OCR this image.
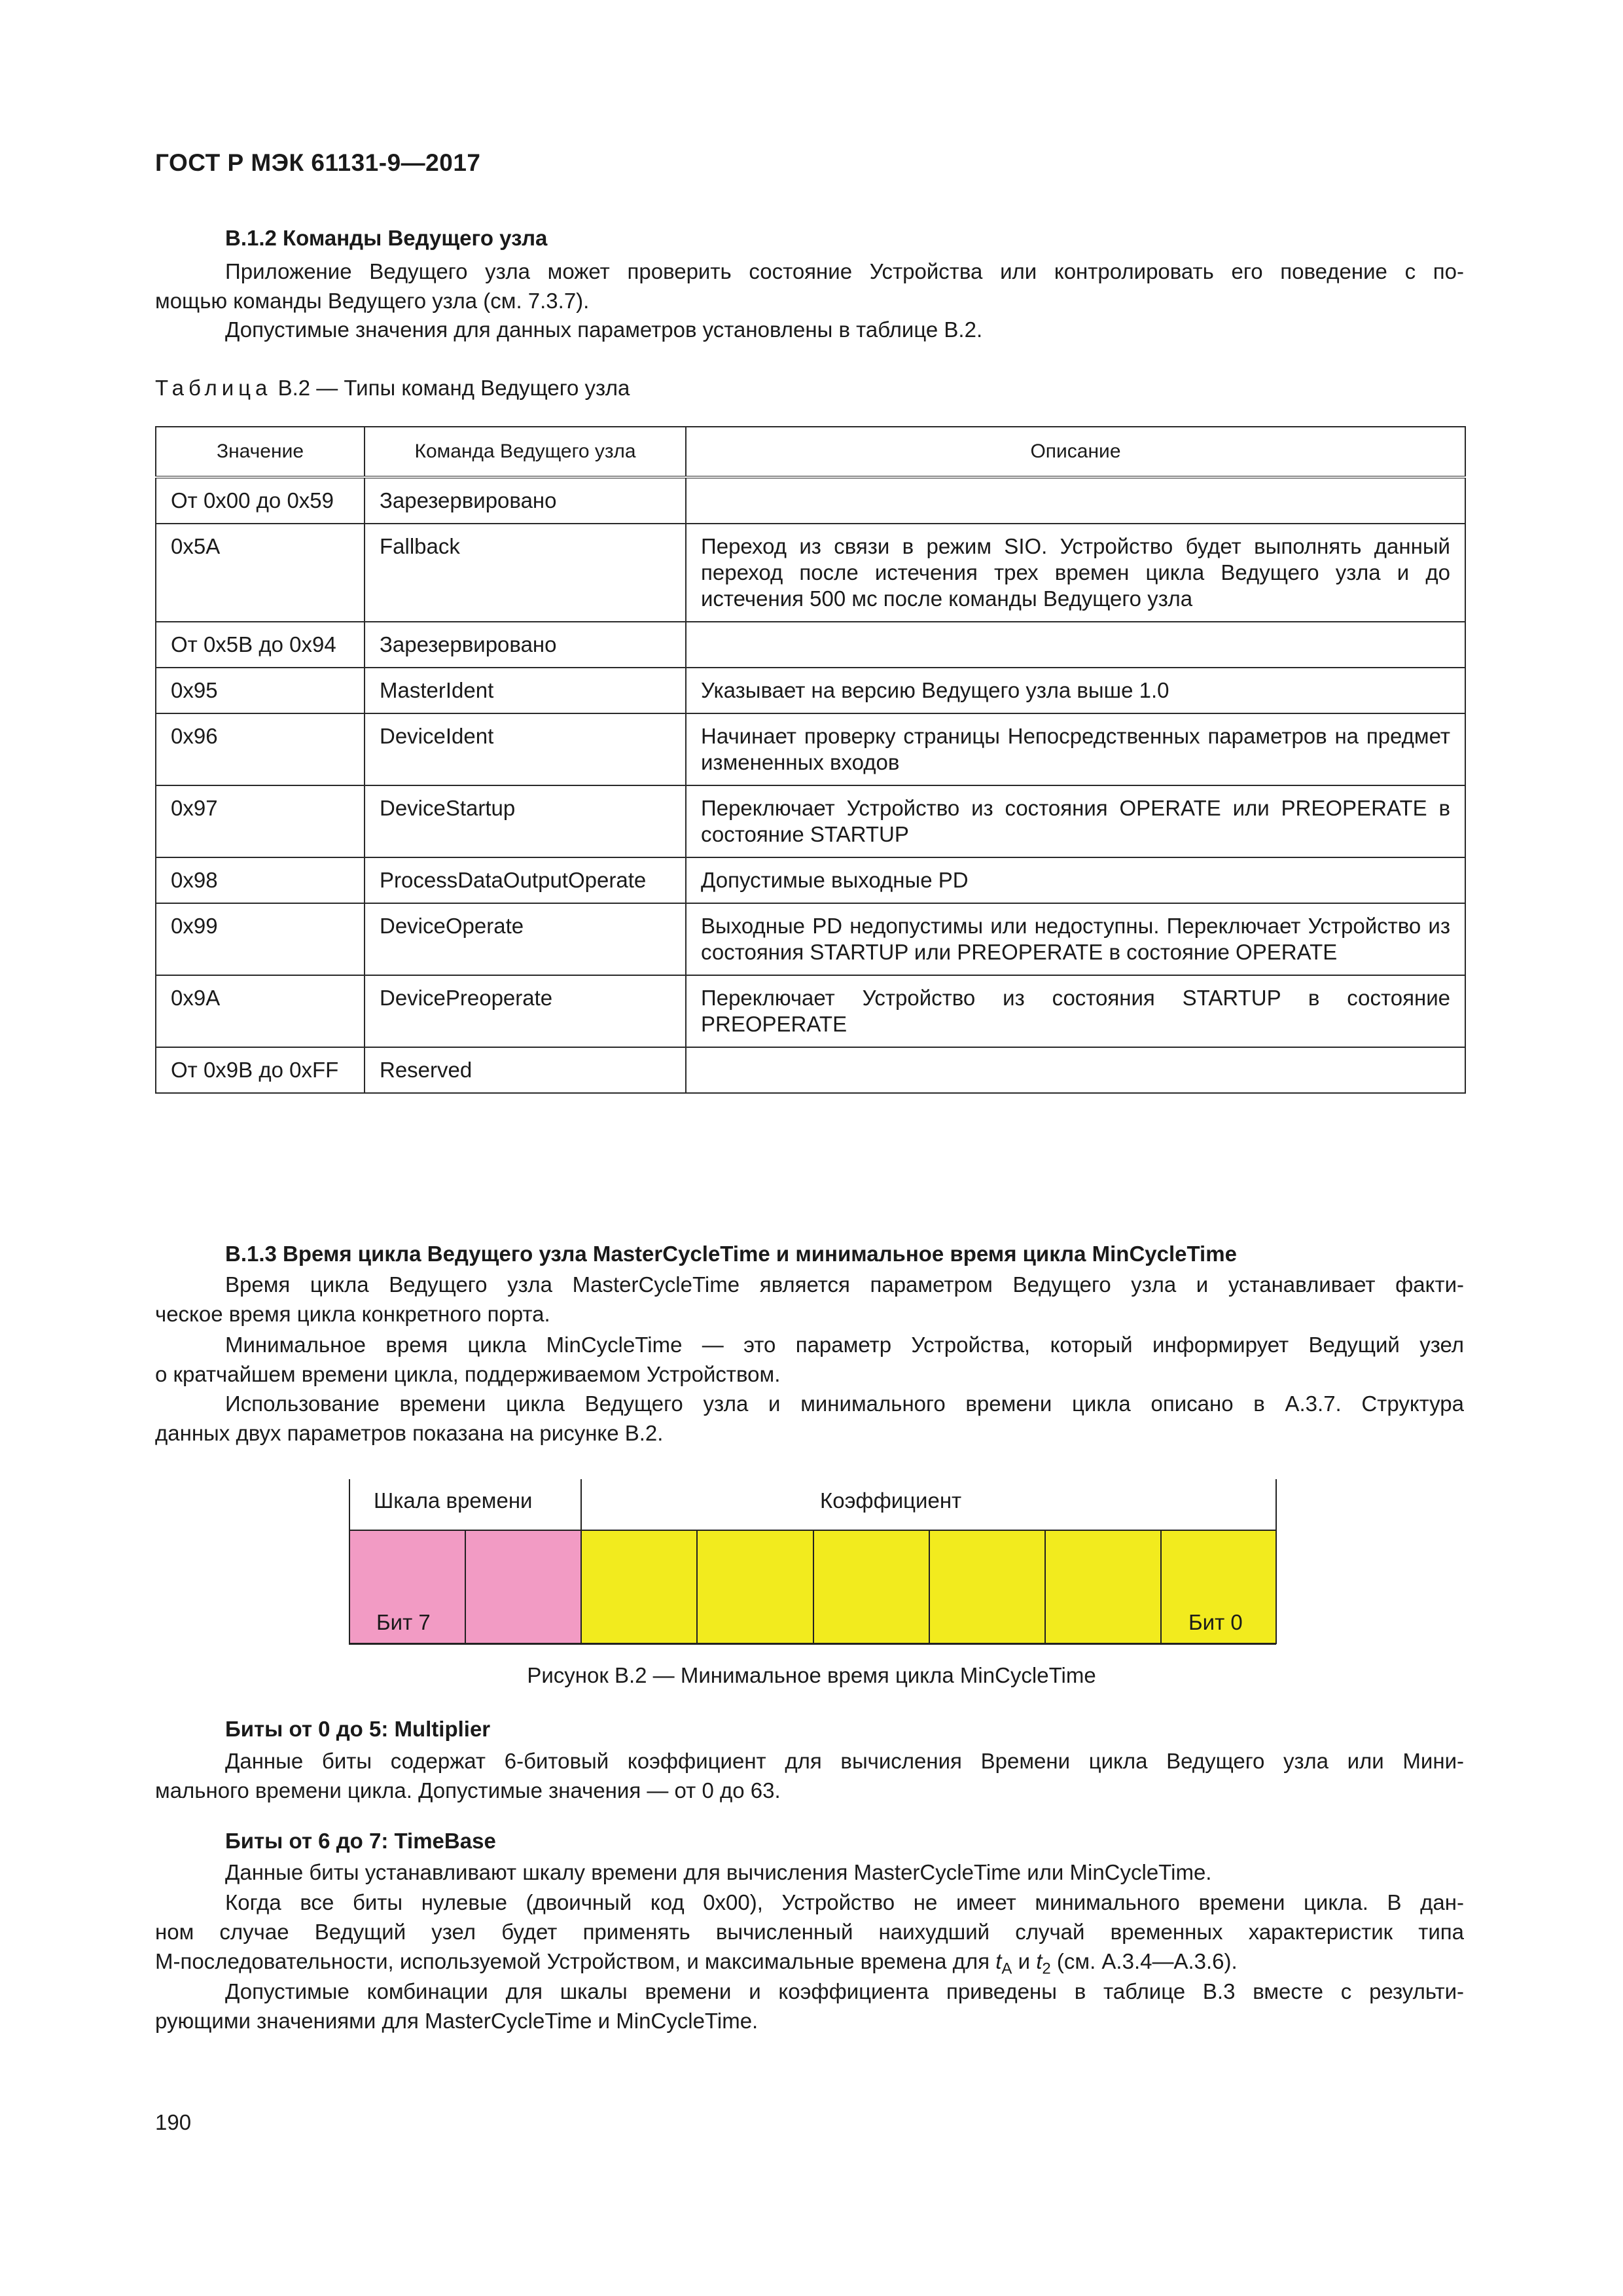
ГОСТ Р МЭК 61131-9—2017
B.1.2 Команды Ведущего узла
Приложение Ведущего узла может проверить состояние Устройства или контролировать его поведение с по-
мощью команды Ведущего узла (см. 7.3.7).
Допустимые значения для данных параметров установлены в таблице B.2.
Таблица B.2 — Типы команд Ведущего узла
Значение	Команда Ведущего узла	Описание
От 0x00 до 0x59	Зарезервировано	
0x5A	Fallback	Переход из связи в режим SIO. Устройство будет выполнять данный переход после истечения трех времен цикла Ведущего узла и до истечения 500 мс после команды Ведущего узла
От 0x5B до 0x94	Зарезервировано	
0x95	MasterIdent	Указывает на версию Ведущего узла выше 1.0
0x96	DeviceIdent	Начинает проверку страницы Непосредственных параметров на предмет измененных входов
0x97	DeviceStartup	Переключает Устройство из состояния OPERATE или PREOPERATE в состояние STARTUP
0x98	ProcessDataOutputOperate	Допустимые выходные PD
0x99	DeviceOperate	Выходные PD недопустимы или недоступны. Переключает Устройство из состояния STARTUP или PREOPERATE в состояние OPERATE
0x9A	DevicePreoperate	Переключает Устройство из состояния STARTUP в состояние PREOPERATE
От 0x9B до 0xFF	Reserved	
B.1.3 Время цикла Ведущего узла MasterCycleTime и минимальное время цикла MinCycleTime
Время цикла Ведущего узла MasterCycleTime является параметром Ведущего узла и устанавливает факти-
ческое время цикла конкретного порта.
Минимальное время цикла MinCycleTime — это параметр Устройства, который информирует Ведущий узел
о кратчайшем времени цикла, поддерживаемом Устройством.
Использование времени цикла Ведущего узла и минимального времени цикла описано в А.3.7. Структура
данных двух параметров показана на рисунке B.2.
Шкала времени	Коэффициент
Бит 7	Бит 0
Рисунок B.2 — Минимальное время цикла MinCycleTime
Биты от 0 до 5: Multiplier
Данные биты содержат 6-битовый коэффициент для вычисления Времени цикла Ведущего узла или Мини-
мального времени цикла. Допустимые значения — от 0 до 63.
Биты от 6 до 7: TimeBase
Данные биты устанавливают шкалу времени для вычисления MasterCycleTime или MinCycleTime.
Когда все биты нулевые (двоичный код 0x00), Устройство не имеет минимального времени цикла. В дан-
ном случае Ведущий узел будет применять вычисленный наихудший случай временных характеристик типа
М-последовательности, используемой Устройством, и максимальные времена для $t_A$ и $t_2$ (см. А.3.4—А.3.6).
Допустимые комбинации для шкалы времени и коэффициента приведены в таблице B.3 вместе с результи-
рующими значениями для MasterCycleTime и MinCycleTime.
190
